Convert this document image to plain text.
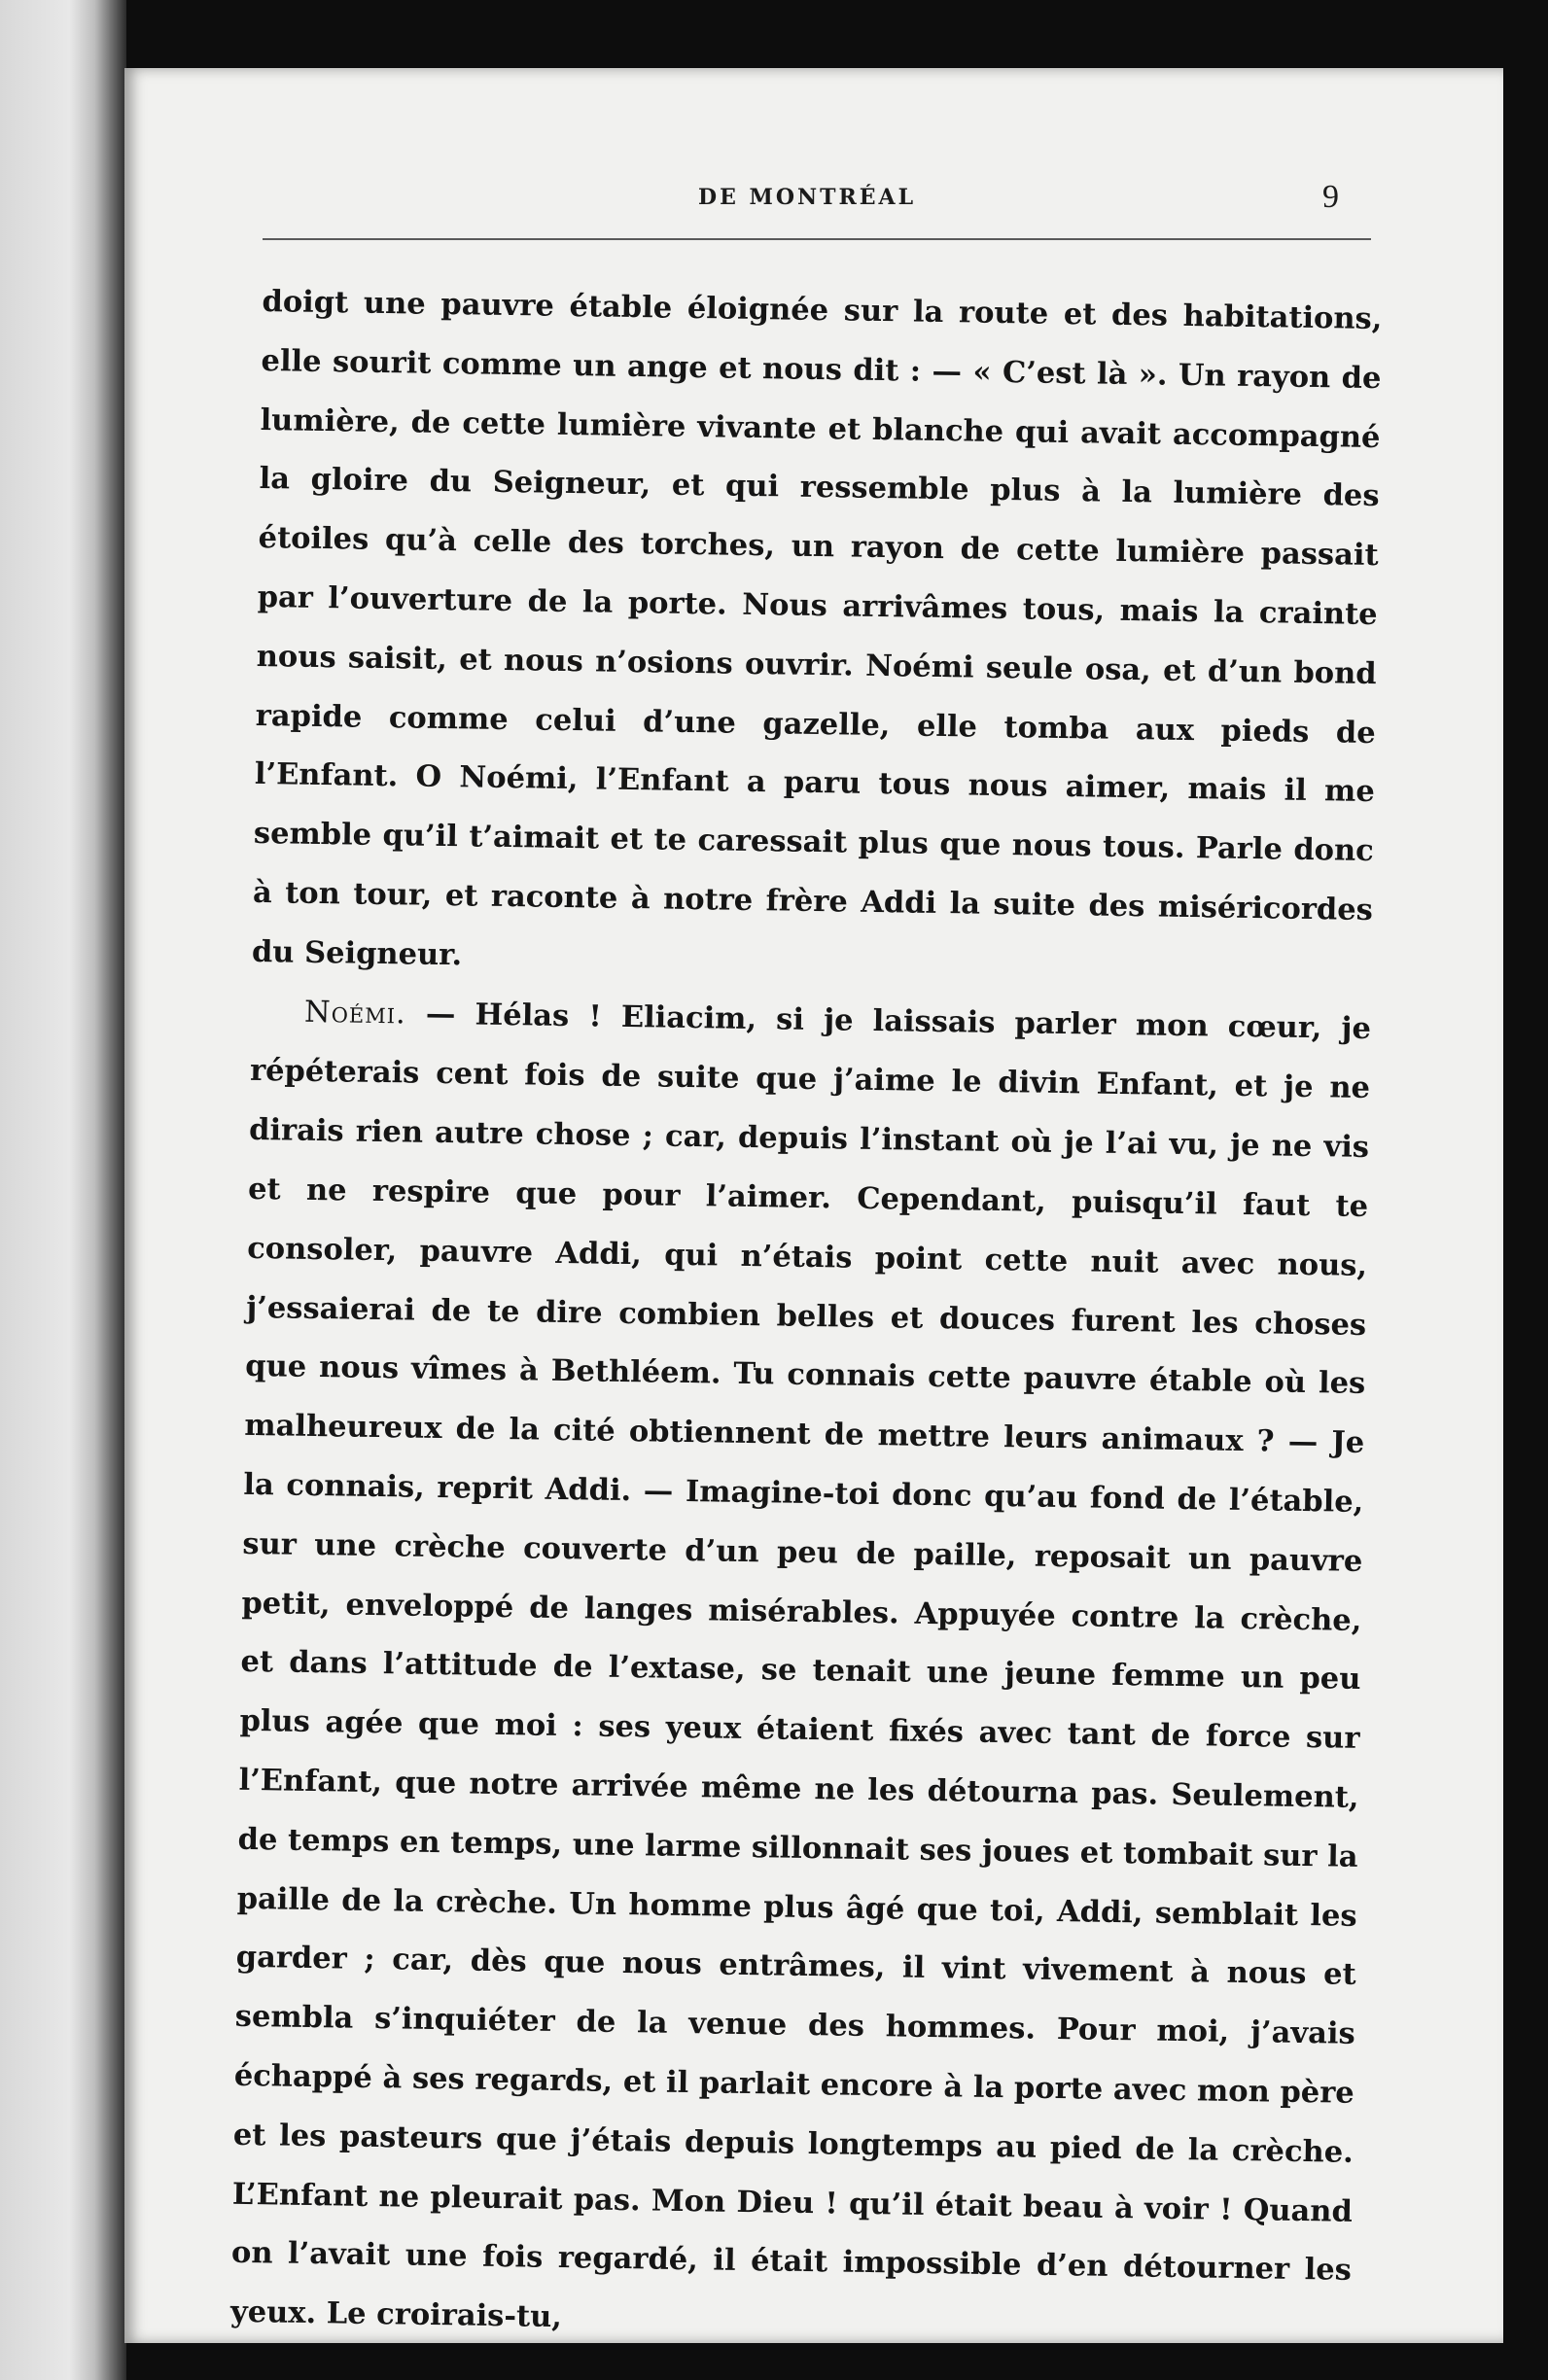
DE MONTRÉAL	9

doigt une pauvre étable éloignée sur la route et des habitations, elle sourit comme un ange et nous dit : — « C’est là ». Un rayon de lumière, de cette lumière vivante et blanche qui avait accompagné la gloire du Seigneur, et qui ressemble plus à la lumière des étoiles qu’à celle des torches, un rayon de cette lumière passait par l’ouverture de la porte. Nous arrivâmes tous, mais la crainte nous saisit, et nous n’osions ouvrir. Noémi seule osa, et d’un bond rapide comme celui d’une gazelle, elle tomba aux pieds de l’Enfant. O Noémi, l’Enfant a paru tous nous aimer, mais il me semble qu’il t’aimait et te caressait plus que nous tous. Parle donc à ton tour, et raconte à notre frère Addi la suite des miséricordes du Seigneur.

Noémi. — Hélas ! Eliacim, si je laissais parler mon cœur, je répéterais cent fois de suite que j’aime le divin Enfant, et je ne dirais rien autre chose ; car, depuis l’instant où je l’ai vu, je ne vis et ne respire que pour l’aimer. Cependant, puisqu’il faut te consoler, pauvre Addi, qui n’étais point cette nuit avec nous, j’essaierai de te dire combien belles et douces furent les choses que nous vîmes à Bethléem. Tu connais cette pauvre étable où les malheureux de la cité obtiennent de mettre leurs animaux ? — Je la connais, reprit Addi. — Imagine-toi donc qu’au fond de l’étable, sur une crèche couverte d’un peu de paille, reposait un pauvre petit, enveloppé de langes misérables. Appuyée contre la crèche, et dans l’attitude de l’extase, se tenait une jeune femme un peu plus agée que moi : ses yeux étaient fixés avec tant de force sur l’Enfant, que notre arrivée même ne les détourna pas. Seulement, de temps en temps, une larme sillonnait ses joues et tombait sur la paille de la crèche. Un homme plus âgé que toi, Addi, semblait les garder ; car, dès que nous entrâmes, il vint vivement à nous et sembla s’inquiéter de la venue des hommes. Pour moi, j’avais échappé à ses regards, et il parlait encore à la porte avec mon père et les pasteurs que j’étais depuis longtemps au pied de la crèche. L’Enfant ne pleurait pas. Mon Dieu ! qu’il était beau à voir ! Quand on l’avait une fois regardé, il était impossible d’en détourner les yeux. Le croirais-tu,
